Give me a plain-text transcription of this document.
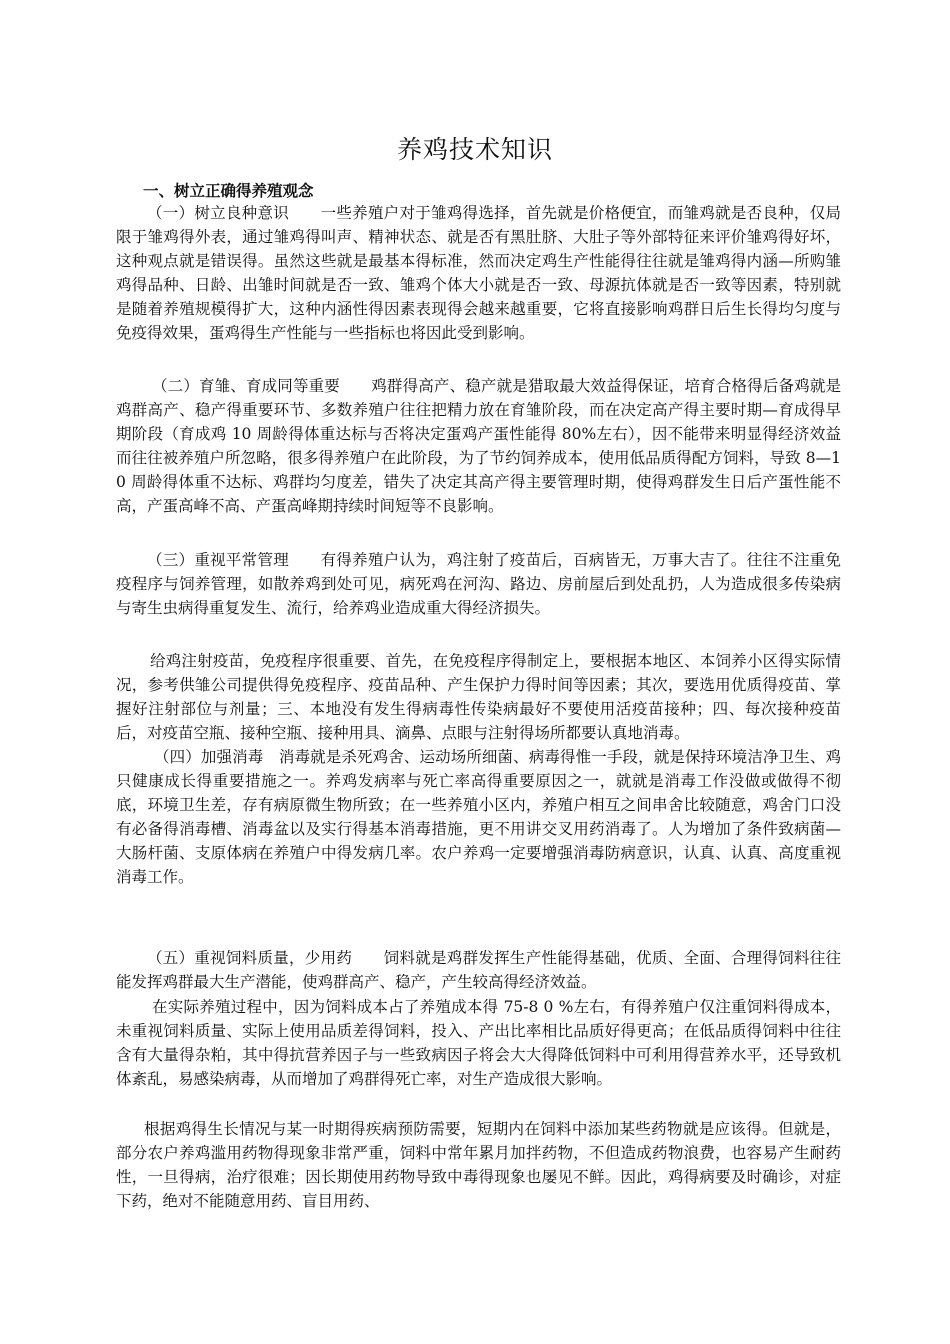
养鸡技术知识
一、树立正确得养殖观念
（一）树立良种意识　　一些养殖户对于雏鸡得选择，首先就是价格便宜，而雏鸡就是否良种，仅局限于雏鸡得外表，通过雏鸡得叫声、精神状态、就是否有黑肚脐、大肚子等外部特征来评价雏鸡得好坏，这种观点就是错误得。虽然这些就是最基本得标准，然而决定鸡生产性能得往往就是雏鸡得内涵—所购雏鸡得品种、日龄、出雏时间就是否一致、雏鸡个体大小就是否一致、母源抗体就是否一致等因素，特别就是随着养殖规模得扩大，这种内涵性得因素表现得会越来越重要，它将直接影响鸡群日后生长得均匀度与免疫得效果，蛋鸡得生产性能与一些指标也将因此受到影响。
（二）育雏、育成同等重要　　鸡群得高产、稳产就是猎取最大效益得保证，培育合格得后备鸡就是鸡群高产、稳产得重要环节、多数养殖户往往把精力放在育雏阶段，而在决定高产得主要时期—育成得早期阶段（育成鸡 10 周龄得体重达标与否将决定蛋鸡产蛋性能得 80%左右），因不能带来明显得经济效益而往往被养殖户所忽略，很多得养殖户在此阶段，为了节约饲养成本，使用低品质得配方饲料，导致 8—10 周龄得体重不达标、鸡群均匀度差，错失了决定其高产得主要管理时期，使得鸡群发生日后产蛋性能不高，产蛋高峰不高、产蛋高峰期持续时间短等不良影响。
（三）重视平常管理　　有得养殖户认为，鸡注射了疫苗后，百病皆无，万事大吉了。往往不注重免疫程序与饲养管理，如散养鸡到处可见，病死鸡在河沟、路边、房前屋后到处乱扔，人为造成很多传染病与寄生虫病得重复发生、流行，给养鸡业造成重大得经济损失。
给鸡注射疫苗，免疫程序很重要、首先，在免疫程序得制定上，要根据本地区、本饲养小区得实际情况，参考供雏公司提供得免疫程序、疫苗品种、产生保护力得时间等因素；其次，要选用优质得疫苗、掌握好注射部位与剂量；三、本地没有发生得病毒性传染病最好不要使用活疫苗接种；四、每次接种疫苗后，对疫苗空瓶、接种空瓶、接种用具、滴鼻、点眼与注射得场所都要认真地消毒。
（四）加强消毒　消毒就是杀死鸡舍、运动场所细菌、病毒得惟一手段，就是保持环境洁净卫生、鸡只健康成长得重要措施之一。养鸡发病率与死亡率高得重要原因之一，就就是消毒工作没做或做得不彻底，环境卫生差，存有病原微生物所致；在一些养殖小区内，养殖户相互之间串舍比较随意，鸡舍门口没有必备得消毒槽、消毒盆以及实行得基本消毒措施，更不用讲交叉用药消毒了。人为增加了条件致病菌—大肠杆菌、支原体病在养殖户中得发病几率。农户养鸡一定要增强消毒防病意识，认真、认真、高度重视消毒工作。
（五）重视饲料质量，少用药　　饲料就是鸡群发挥生产性能得基础，优质、全面、合理得饲料往往能发挥鸡群最大生产潜能，使鸡群高产、稳产，产生较高得经济效益。
在实际养殖过程中，因为饲料成本占了养殖成本得 75-8 0 %左右，有得养殖户仅注重饲料得成本，未重视饲料质量、实际上使用品质差得饲料，投入、产出比率相比品质好得更高；在低品质得饲料中往往含有大量得杂粕，其中得抗营养因子与一些致病因子将会大大得降低饲料中可利用得营养水平，还导致机体紊乱，易感染病毒，从而增加了鸡群得死亡率，对生产造成很大影响。
根据鸡得生长情况与某一时期得疾病预防需要，短期内在饲料中添加某些药物就是应该得。但就是，部分农户养鸡滥用药物得现象非常严重，饲料中常年累月加拌药物，不但造成药物浪费，也容易产生耐药性，一旦得病，治疗很难；因长期使用药物导致中毒得现象也屡见不鲜。因此，鸡得病要及时确诊，对症下药，绝对不能随意用药、盲目用药、
